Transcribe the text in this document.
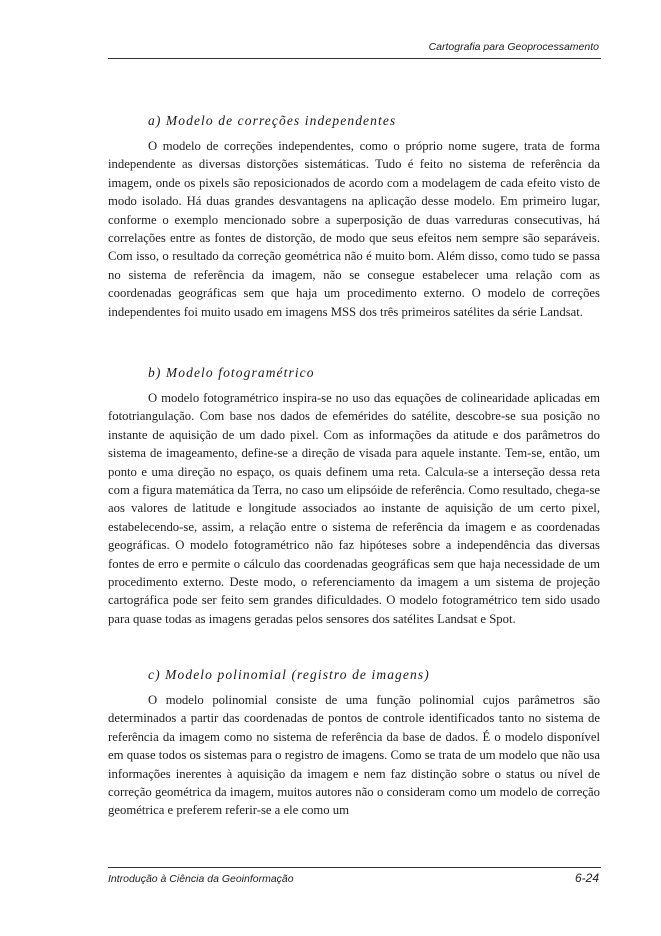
Cartografia para Geoprocessamento
a) Modelo de correções independentes

O modelo de correções independentes, como o próprio nome sugere, trata de forma independente as diversas distorções sistemáticas. Tudo é feito no sistema de referência da imagem, onde os pixels são reposicionados de acordo com a modelagem de cada efeito visto de modo isolado. Há duas grandes desvantagens na aplicação desse modelo. Em primeiro lugar, conforme o exemplo mencionado sobre a superposição de duas varreduras consecutivas, há correlações entre as fontes de distorção, de modo que seus efeitos nem sempre são separáveis. Com isso, o resultado da correção geométrica não é muito bom. Além disso, como tudo se passa no sistema de referência da imagem, não se consegue estabelecer uma relação com as coordenadas geográficas sem que haja um procedimento externo. O modelo de correções independentes foi muito usado em imagens MSS dos três primeiros satélites da série Landsat.

b) Modelo fotogramétrico

O modelo fotogramétrico inspira-se no uso das equações de colinearidade aplicadas em fototriangulação. Com base nos dados de efemérides do satélite, descobre-se sua posição no instante de aquisição de um dado pixel. Com as informações da atitude e dos parâmetros do sistema de imageamento, define-se a direção de visada para aquele instante. Tem-se, então, um ponto e uma direção no espaço, os quais definem uma reta. Calcula-se a interseção dessa reta com a figura matemática da Terra, no caso um elipsóide de referência. Como resultado, chega-se aos valores de latitude e longitude associados ao instante de aquisição de um certo pixel, estabelecendo-se, assim, a relação entre o sistema de referência da imagem e as coordenadas geográficas. O modelo fotogramétrico não faz hipóteses sobre a independência das diversas fontes de erro e permite o cálculo das coordenadas geográficas sem que haja necessidade de um procedimento externo. Deste modo, o referenciamento da imagem a um sistema de projeção cartográfica pode ser feito sem grandes dificuldades. O modelo fotogramétrico tem sido usado para quase todas as imagens geradas pelos sensores dos satélites Landsat e Spot.

c) Modelo polinomial (registro de imagens)

O modelo polinomial consiste de uma função polinomial cujos parâmetros são determinados a partir das coordenadas de pontos de controle identificados tanto no sistema de referência da imagem como no sistema de referência da base de dados. É o modelo disponível em quase todos os sistemas para o registro de imagens. Como se trata de um modelo que não usa informações inerentes à aquisição da imagem e nem faz distinção sobre o status ou nível de correção geométrica da imagem, muitos autores não o consideram como um modelo de correção geométrica e preferem referir-se a ele como um

Introdução à Ciência da Geoinformação	6-24
